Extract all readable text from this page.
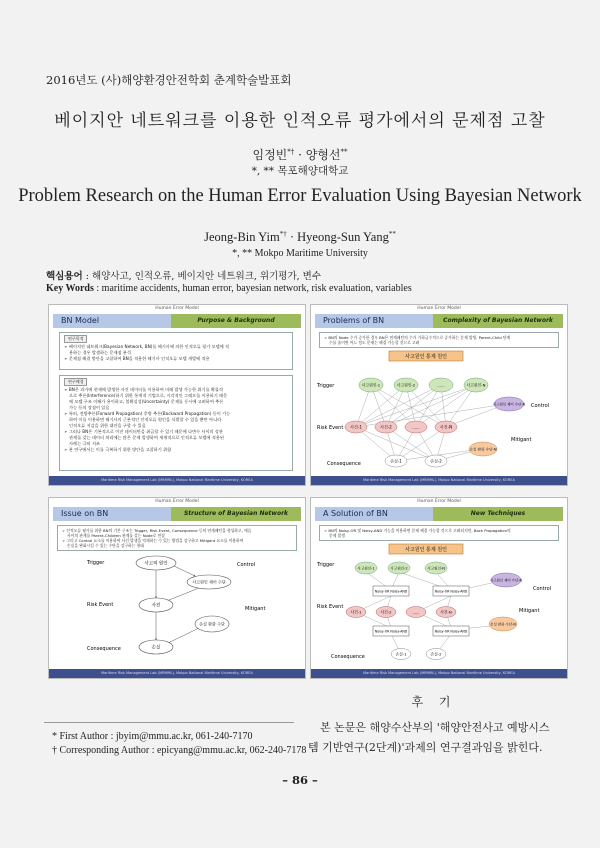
2016년도 (사)해양환경안전학회 춘계학술발표회
베이지안 네트워크를 이용한 인적오류 평가에서의 문제점 고찰
임정빈*† · 양형선**
*, ** 목포해양대학교
Problem Research on the Human Error Evaluation Using Bayesian Network
Jeong-Bin Yim*† · Hyeong-Sun Yang**
*, ** Mokpo Maritime University
핵심용어 : 해양사고, 인적오류, 베이지안 네트워크, 위기평가, 변수
Key Words : maritime accidents, human error, bayesian network, risk evaluation, variables
Human Error Model
BN Model	Purpose & Background
연구목적
➢ 베이지안 네트워크(Bayesian Network, BN)를 해기사에 의한 인적오류 평가 모델에 적
용하는 경우 발생하는 문제점 분석
➢ 문제점 해결 방안을 고찰하여 BN을 적용한 해기사 인적오류 모델 개발에 적용
연구배경
➢ BN은 과거에 현재에 발생한 사건 데이터를 이용하여 미래 발생 가능한 위기를 확률적
으로 추론(Interference)하기 위한 통계적 기법으로, 시각적인 그래프를 이용하기 때문
에 모델 구조 이해가 용이하고, 불확실성(Uncertainty) 문제를 동시에 고려하여 추론
가능 등의 장점이 있음
➢ 특히, 전방추론(Forward Propagation) 후방 추론(Backward Propagation) 등이 가능
하여 이를 이용하면 해기사의 근본적인 인적오류 원인을 식별할 수 있을 뿐만 아니라
인적오류 저감을 위한 대안을 구할 수 있음
➢ 그러나 BN은 기본적으로 이진 데이터만을 취급할 수 있기 때문에 다변수 사이의 상관
관계를 갖는 데이터 처리에는 많은 문제 발생하여 세계적으로 인적오류 모델에 적용된
사례는 극히 저조
➢ 본 연구에서는 이를 극복하기 위한 방안을 고찰하기 위함
Maritime Risk Management Lab (MRMML), Mokpo National Maritime University, KOREA
Human Error Model
Problems of BN	Complexity of Bayesian Network
➢ BN의 Node 수가 증가한 경우 BN은 연계패턴의 수가 기하급수적으로 증가하는 문제 발생. Parent-Child 단계
수를 줄이면 어느 정도 문제는 해결 가능할 것으로 고려
사고원인 통제 원인
Trigger
Risk Event
Consequence
Control
Mitigant
사고원인-1	사고원인-2	......	사고원인-N
사고원인 제어 수단-N
사건-1	사건-2	......	사건-N
손실 완화 수단-N
손실-1	손실-2
Maritime Risk Management Lab (MRMML), Mokpo National Maritime University, KOREA
Human Error Model
Issue on BN	Structure of Bayesian Network
➢ 인적오류 평가를 위한 BN의 기본 구조는 Trigger, Risk Event, Consequence 등의 연계패턴을 형성하고, 매듭
사이의 관계를 Parent-Children 관계를 갖는 Node로 연결
➢ 그리고 Control 요소를 이용하여 사건 발생을 억제하는 수 있는 방법을 강구하고 Mitigant 요소를 이용하여
손실을 완화시킬 수 있는 수단을 강구하는 형태
Trigger	Control
Risk Event
Mitigant
Consequence
사고의 원인
사고원인 제어 수단
사건
손실 완화 수단
손실
Maritime Risk Management Lab (MRMML), Mokpo National Maritime University, KOREA
Human Error Model
A Solution of BN	New Techniques
➢ BN의 Noisy-OR 및 Noisy-AND 기능을 이용하면 문제 해결 가능할 것으로 고려되지만, Back Propagation의
문제 발생
사고원인 통제 원인
Trigger
Control
Risk Event
Mitigant
Consequence
사고원인-1	사고원인-2	사고원인-N
Noisy-OR Noisy-AND	Noisy-OR Noisy-AND
사고원인 제어 수단-N
사건-1	사건-2	......	사건-N
Noisy-OR Noisy-AND	Noisy-OR Noisy-AND
손실 완화 수단-N
손실-1	손실-2
Maritime Risk Management Lab (MRMML), Mokpo National Maritime University, KOREA
후 기
본 논문은 해양수산부의 '해양안전사고 예방시스템 기반연구(2단계)'과제의 연구결과임을 밝힌다.
* First Author : jbyim@mmu.ac.kr, 061-240-7170
† Corresponding Author : epicyang@mmu.ac.kr, 062-240-7178
– 86 –
